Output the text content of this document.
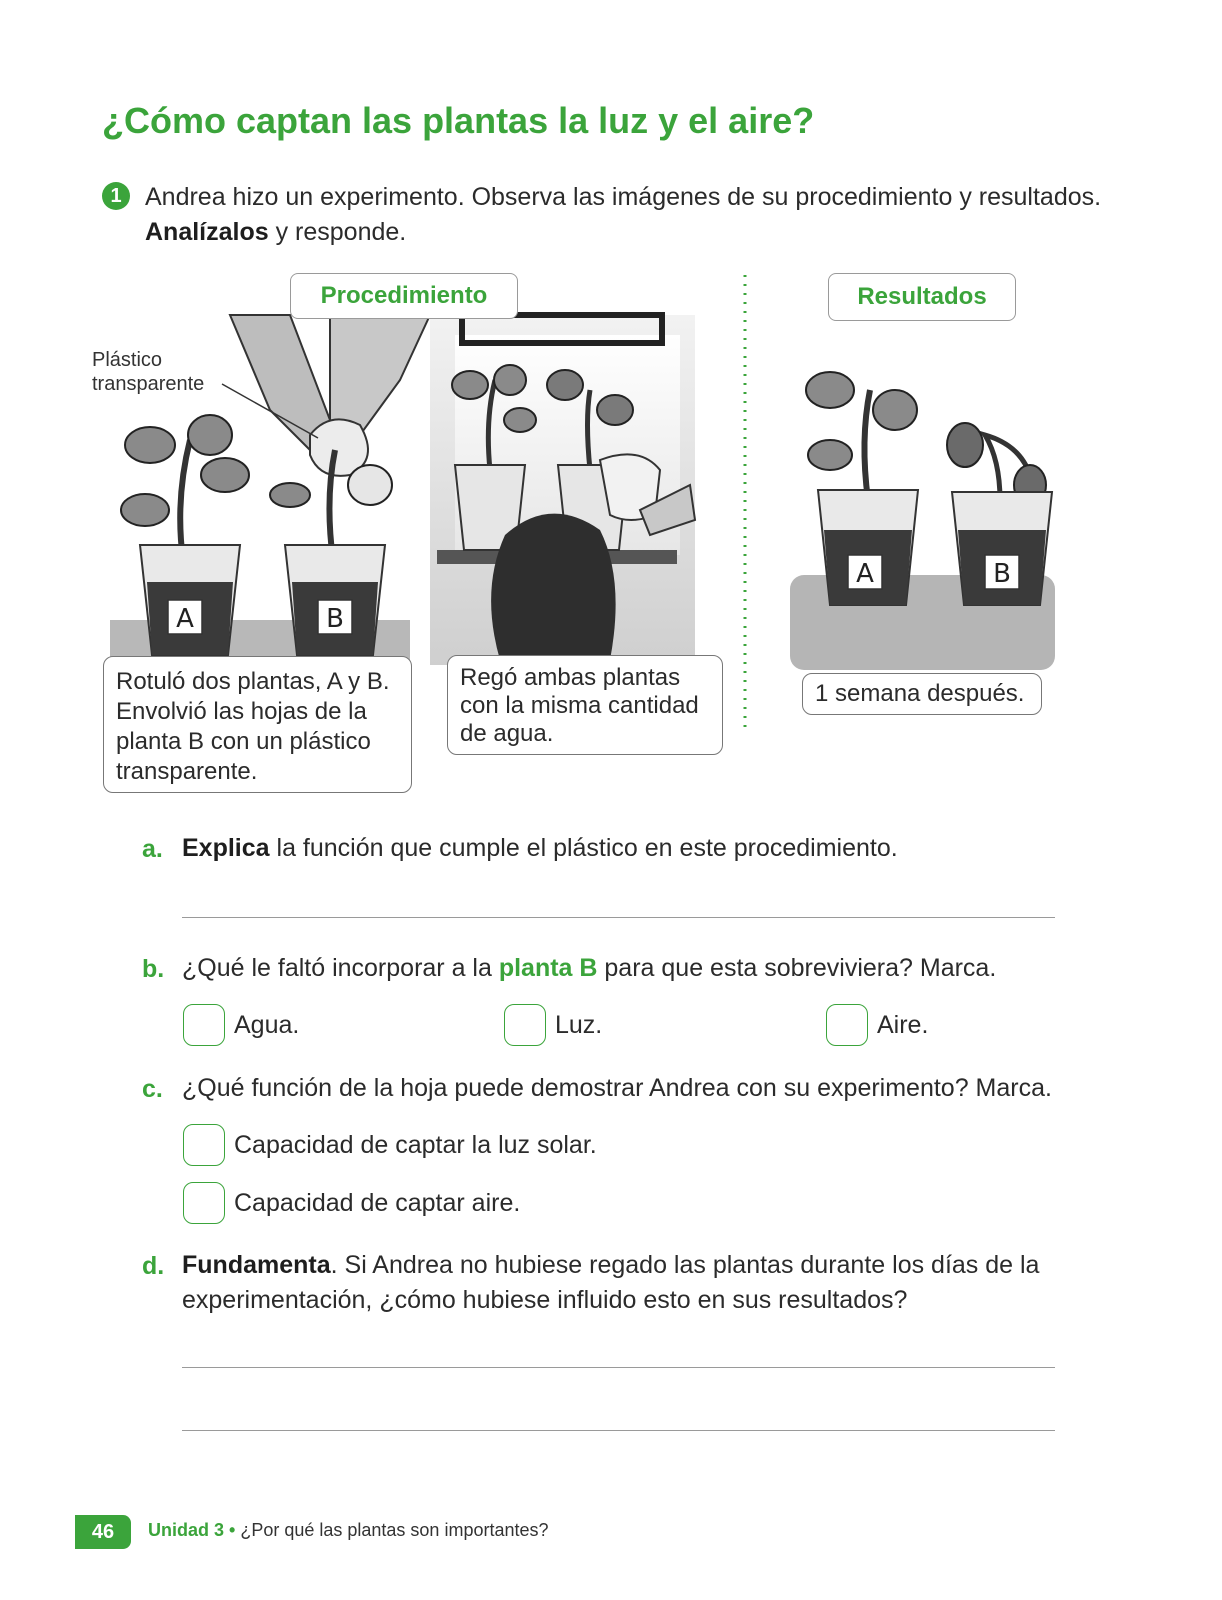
¿Cómo captan las plantas la luz y el aire?
1 Andrea hizo un experimento. Observa las imágenes de su procedimiento y resultados. Analízalos y responde.
A	B
A	B
Procedimiento	Resultados
Plástico
transparente
Rotuló dos plantas, A y B. Envolvió las hojas de la planta B con un plástico transparente.
Regó ambas plantas con la misma cantidad de agua.
1 semana después.
a. Explica la función que cumple el plástico en este procedimiento.
b. ¿Qué le faltó incorporar a la planta B para que esta sobreviviera? Marca.
Agua.	Luz.	Aire.
c. ¿Qué función de la hoja puede demostrar Andrea con su experimento? Marca.
Capacidad de captar la luz solar.
Capacidad de captar aire.
d. Fundamenta. Si Andrea no hubiese regado las plantas durante los días de la experimentación, ¿cómo hubiese influido esto en sus resultados?
46	Unidad 3 • ¿Por qué las plantas son importantes?
